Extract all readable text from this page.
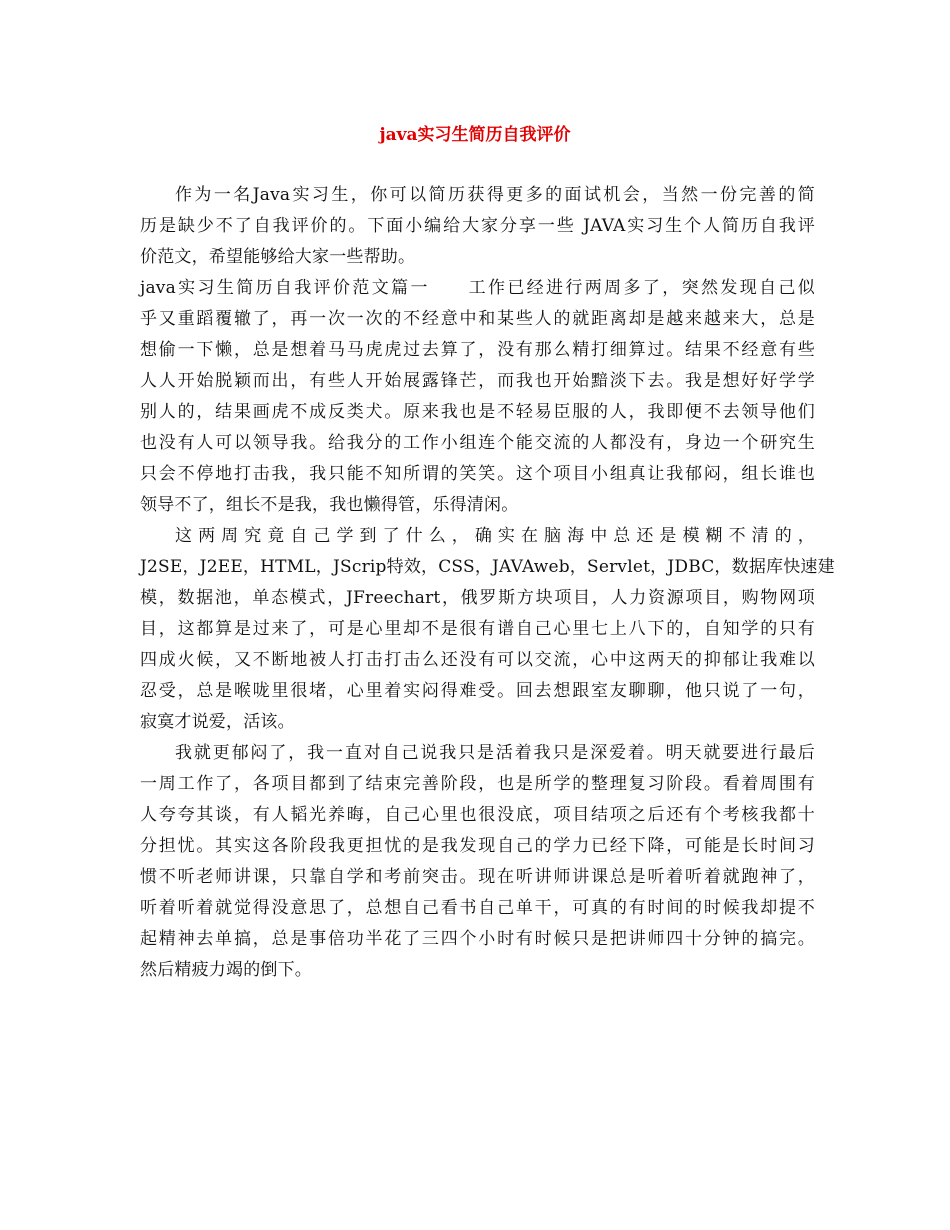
java实习生简历自我评价
作为一名Java实习生，你可以简历获得更多的面试机会，当然一份完善的简
历是缺少不了自我评价的。下面小编给大家分享一些 JAVA实习生个人简历自我评
价范文，希望能够给大家一些帮助。
java实习生简历自我评价范文篇一　　工作已经进行两周多了，突然发现自己似
乎又重蹈覆辙了，再一次一次的不经意中和某些人的就距离却是越来越来大，总是
想偷一下懒，总是想着马马虎虎过去算了，没有那么精打细算过。结果不经意有些
人人开始脱颖而出，有些人开始展露锋芒，而我也开始黯淡下去。我是想好好学学
别人的，结果画虎不成反类犬。原来我也是不轻易臣服的人，我即便不去领导他们
也没有人可以领导我。给我分的工作小组连个能交流的人都没有，身边一个研究生
只会不停地打击我，我只能不知所谓的笑笑。这个项目小组真让我郁闷，组长谁也
领导不了，组长不是我，我也懒得管，乐得清闲。
这两周究竟自己学到了什么，确实在脑海中总还是模糊不清的，
J2SE，J2EE，HTML，JScrip特效，CSS，JAVAweb，Servlet，JDBC，数据库快速建
模，数据池，单态模式，JFreechart，俄罗斯方块项目，人力资源项目，购物网项
目，这都算是过来了，可是心里却不是很有谱自己心里七上八下的，自知学的只有
四成火候，又不断地被人打击打击么还没有可以交流，心中这两天的抑郁让我难以
忍受，总是喉咙里很堵，心里着实闷得难受。回去想跟室友聊聊，他只说了一句，
寂寞才说爱，活该。
我就更郁闷了，我一直对自己说我只是活着我只是深爱着。明天就要进行最后
一周工作了，各项目都到了结束完善阶段，也是所学的整理复习阶段。看着周围有
人夸夸其谈，有人韬光养晦，自己心里也很没底，项目结项之后还有个考核我都十
分担忧。其实这各阶段我更担忧的是我发现自己的学力已经下降，可能是长时间习
惯不听老师讲课，只靠自学和考前突击。现在听讲师讲课总是听着听着就跑神了，
听着听着就觉得没意思了，总想自己看书自己单干，可真的有时间的时候我却提不
起精神去单搞，总是事倍功半花了三四个小时有时候只是把讲师四十分钟的搞完。
然后精疲力竭的倒下。
